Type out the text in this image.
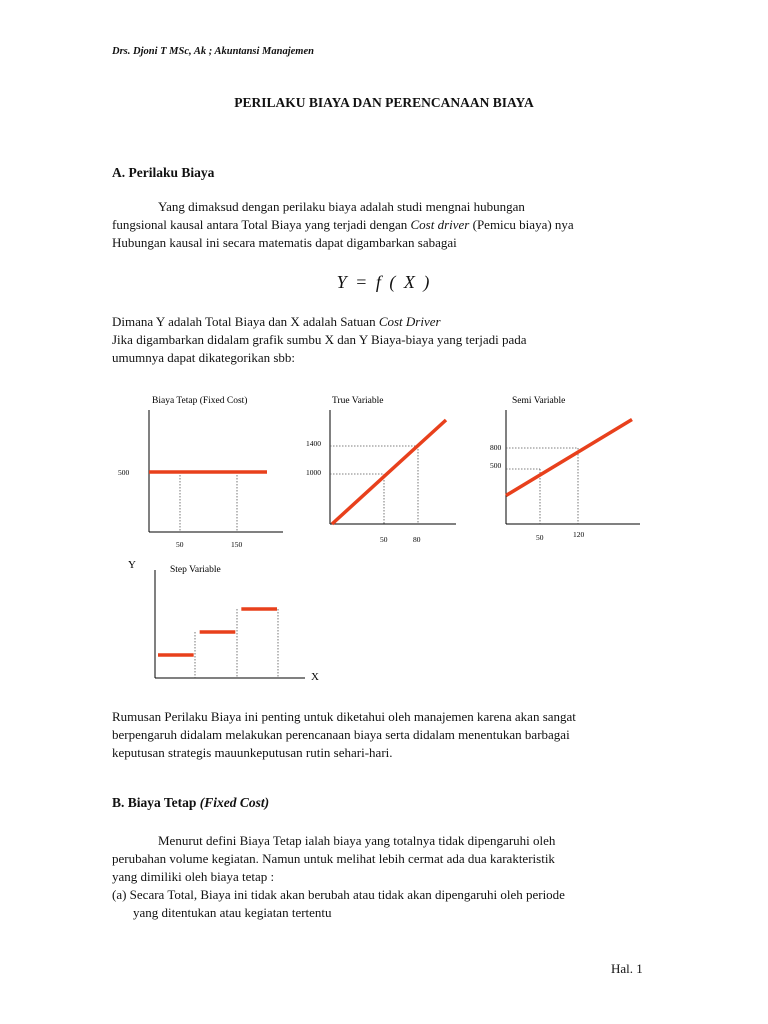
Drs. Djoni T MSc, Ak ; Akuntansi Manajemen
PERILAKU BIAYA DAN PERENCANAAN BIAYA
A. Perilaku Biaya
Yang dimaksud dengan perilaku biaya adalah studi mengnai hubungan
fungsional kausal antara Total Biaya yang terjadi dengan Cost driver (Pemicu biaya) nya
Hubungan kausal ini secara matematis dapat digambarkan sabagai
Y = f ( X )
Dimana Y adalah Total Biaya dan X adalah Satuan Cost Driver
Jika digambarkan didalam grafik sumbu X dan Y Biaya-biaya yang terjadi pada
umumnya dapat dikategorikan sbb:
Biaya Tetap (Fixed Cost)
500
50	150
True Variable
1400
1000
50	80
Semi Variable
800
500
50	120
Y	Step Variable
X
Rumusan Perilaku Biaya ini penting untuk diketahui oleh manajemen karena akan sangat
berpengaruh didalam melakukan perencanaan biaya serta didalam menentukan barbagai
keputusan strategis mauunkeputusan rutin sehari-hari.
B. Biaya Tetap (Fixed Cost)
Menurut defini Biaya Tetap ialah biaya yang totalnya tidak dipengaruhi oleh
perubahan volume kegiatan. Namun untuk melihat lebih cermat ada dua karakteristik
yang dimiliki oleh biaya tetap :
(a) Secara Total, Biaya ini tidak akan berubah atau tidak akan dipengaruhi oleh periode
yang ditentukan atau kegiatan tertentu
Hal. 1
